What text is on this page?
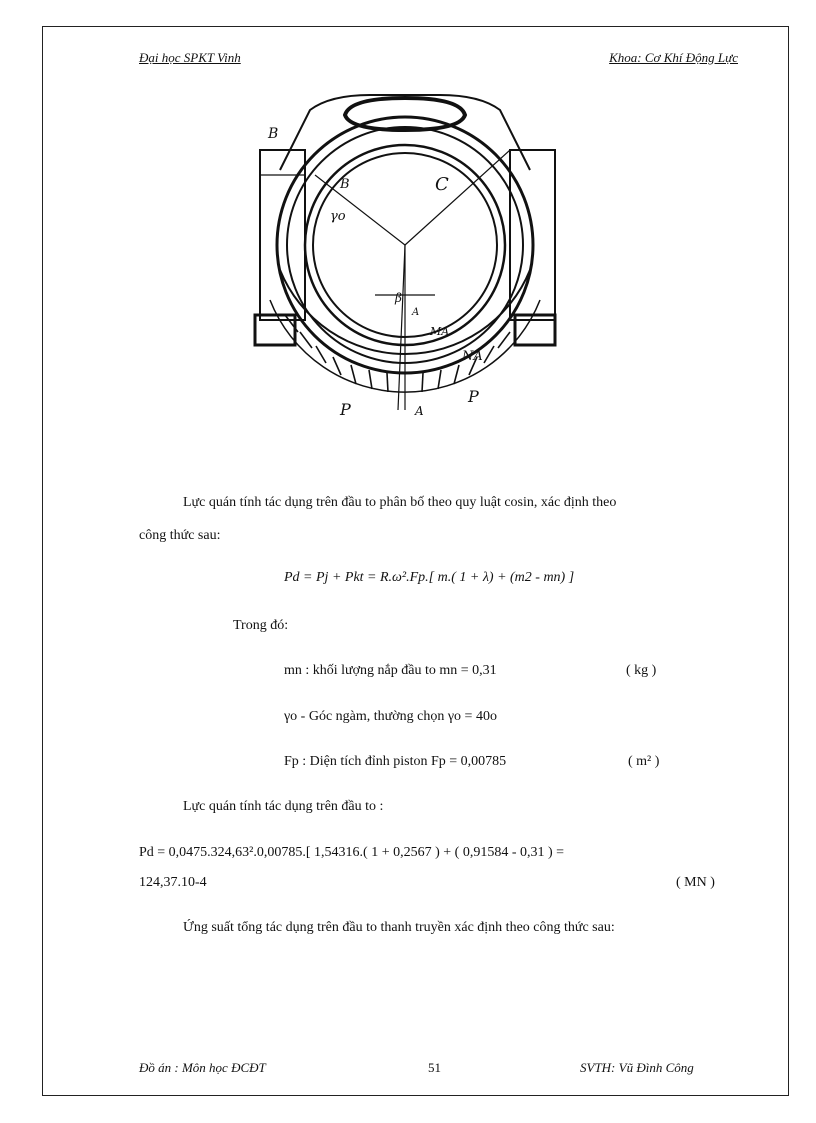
Đại học SPKT Vinh	Khoa: Cơ Khí Động Lực
B
B	C
γo
β
A
MA
NA
P	A
P
Lực quán tính tác dụng trên đầu to phân bố theo quy luật cosin, xác định theo
công thức sau:
Pd = Pj + Pkt = R.ω².Fp.[ m.( 1 + λ) + (m2 - mn) ]
Trong đó:
mn : khối lượng nắp đầu to mn = 0,31	( kg )
γo - Góc ngàm, thường chọn γo = 40o
Fp : Diện tích đỉnh piston Fp = 0,00785	( m² )
Lực quán tính tác dụng trên đầu to :
Pd = 0,0475.324,63².0,00785.[ 1,54316.( 1 + 0,2567 ) + ( 0,91584 - 0,31 ) =
124,37.10-4	( MN )
Ứng suất tổng tác dụng trên đầu to thanh truyền xác định theo công thức sau:
Đồ án : Môn học ĐCĐT	51	SVTH: Vũ Đình Công
